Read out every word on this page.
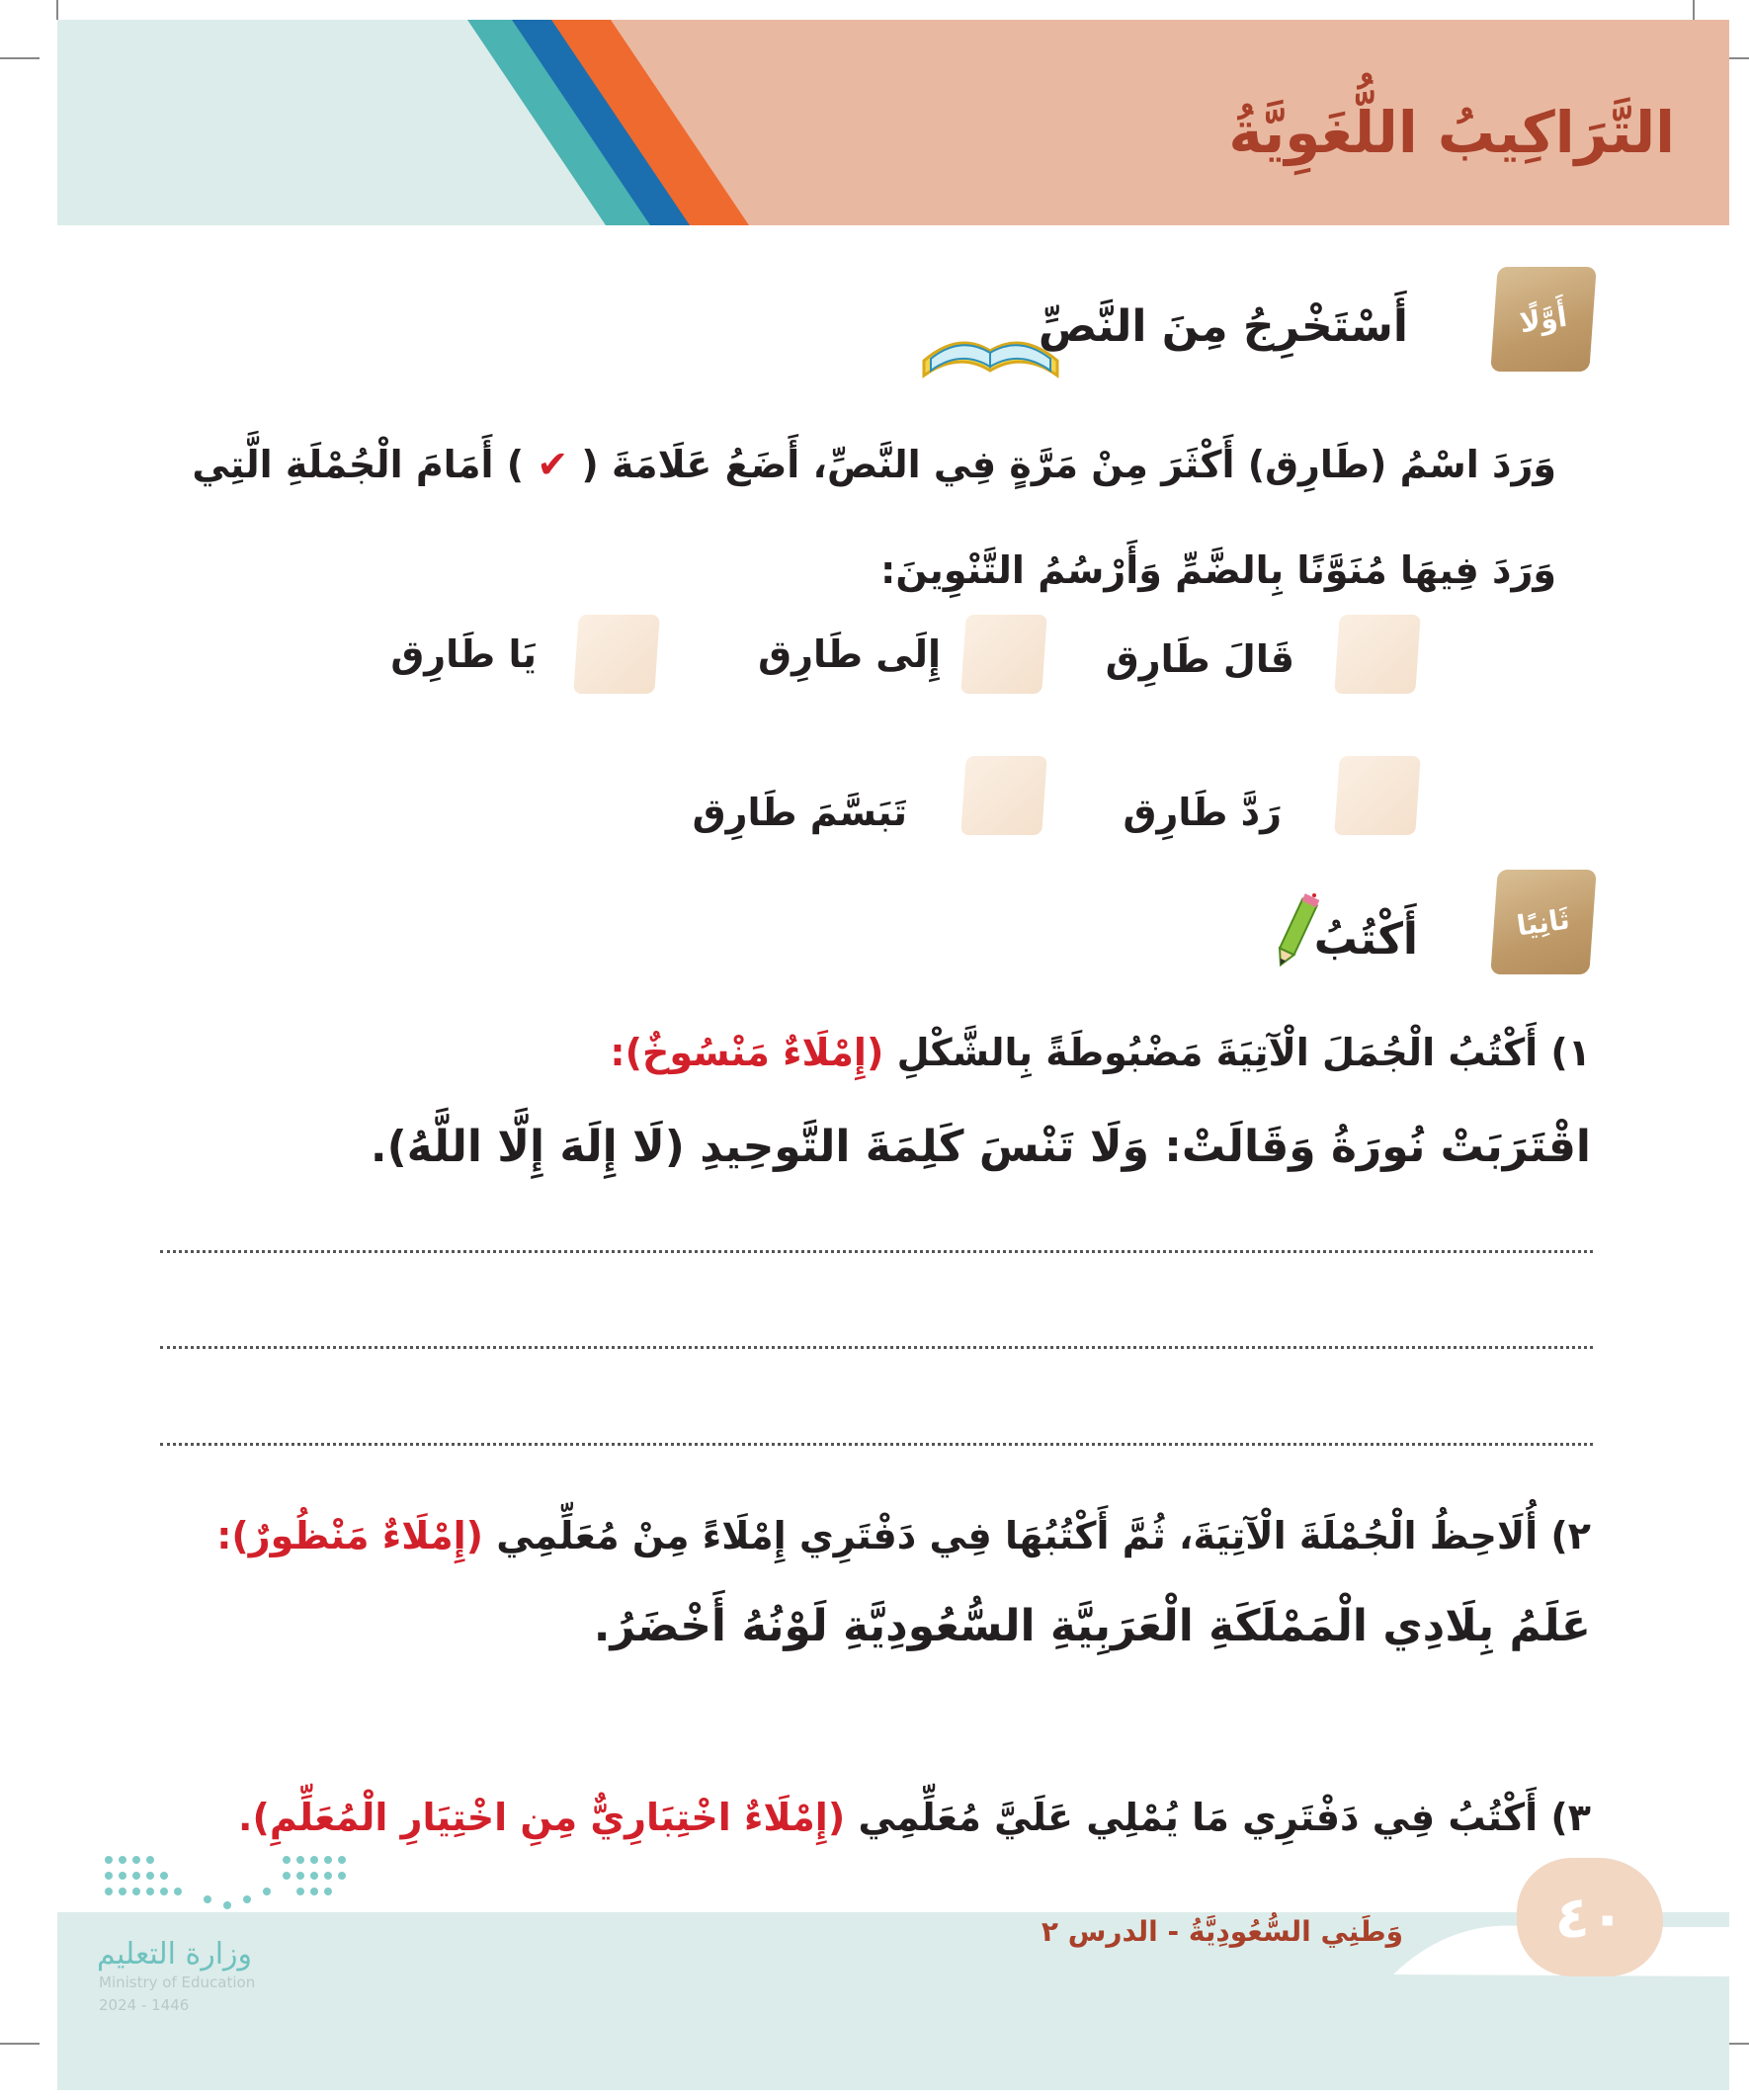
التَّرَاكِيبُ اللُّغَوِيَّةُ
أَوَّلًا
أَسْتَخْرِجُ مِنَ النَّصِّ
وَرَدَ اسْمُ (طَارِق) أَكْثَرَ مِنْ مَرَّةٍ فِي النَّصِّ، أَضَعُ عَلَامَةَ ( ✔ ) أَمَامَ الْجُمْلَةِ الَّتِي
وَرَدَ فِيهَا مُنَوَّنًا بِالضَّمِّ وَأَرْسُمُ التَّنْوِينَ:
قَالَ طَارِق
إِلَى طَارِق
يَا طَارِق
رَدَّ طَارِق
تَبَسَّمَ طَارِق
ثَانِيًا
أَكْتُبُ
١) أَكْتُبُ الْجُمَلَ الْآتِيَةَ مَضْبُوطَةً بِالشَّكْلِ (إِمْلَاءٌ مَنْسُوخٌ):
اقْتَرَبَتْ نُورَةُ وَقَالَتْ: وَلَا تَنْسَ كَلِمَةَ التَّوحِيدِ (لَا إِلَهَ إِلَّا اللَّهُ).
٢) أُلَاحِظُ الْجُمْلَةَ الْآتِيَةَ، ثُمَّ أَكْتُبُهَا فِي دَفْتَرِي إِمْلَاءً مِنْ مُعَلِّمِي (إِمْلَاءٌ مَنْظُورٌ):
عَلَمُ بِلَادِي الْمَمْلَكَةِ الْعَرَبِيَّةِ السُّعُودِيَّةِ لَوْنُهُ أَخْضَرُ.
٣) أَكْتُبُ فِي دَفْتَرِي مَا يُمْلِي عَلَيَّ مُعَلِّمِي (إِمْلَاءٌ اخْتِبَارِيٌّ مِنِ اخْتِيَارِ الْمُعَلِّمِ).
٤٠
وَطَنِي السُّعُودِيَّةُ - الدرس ٢
وزارة التعليم
Ministry of Education
2024 - 1446
